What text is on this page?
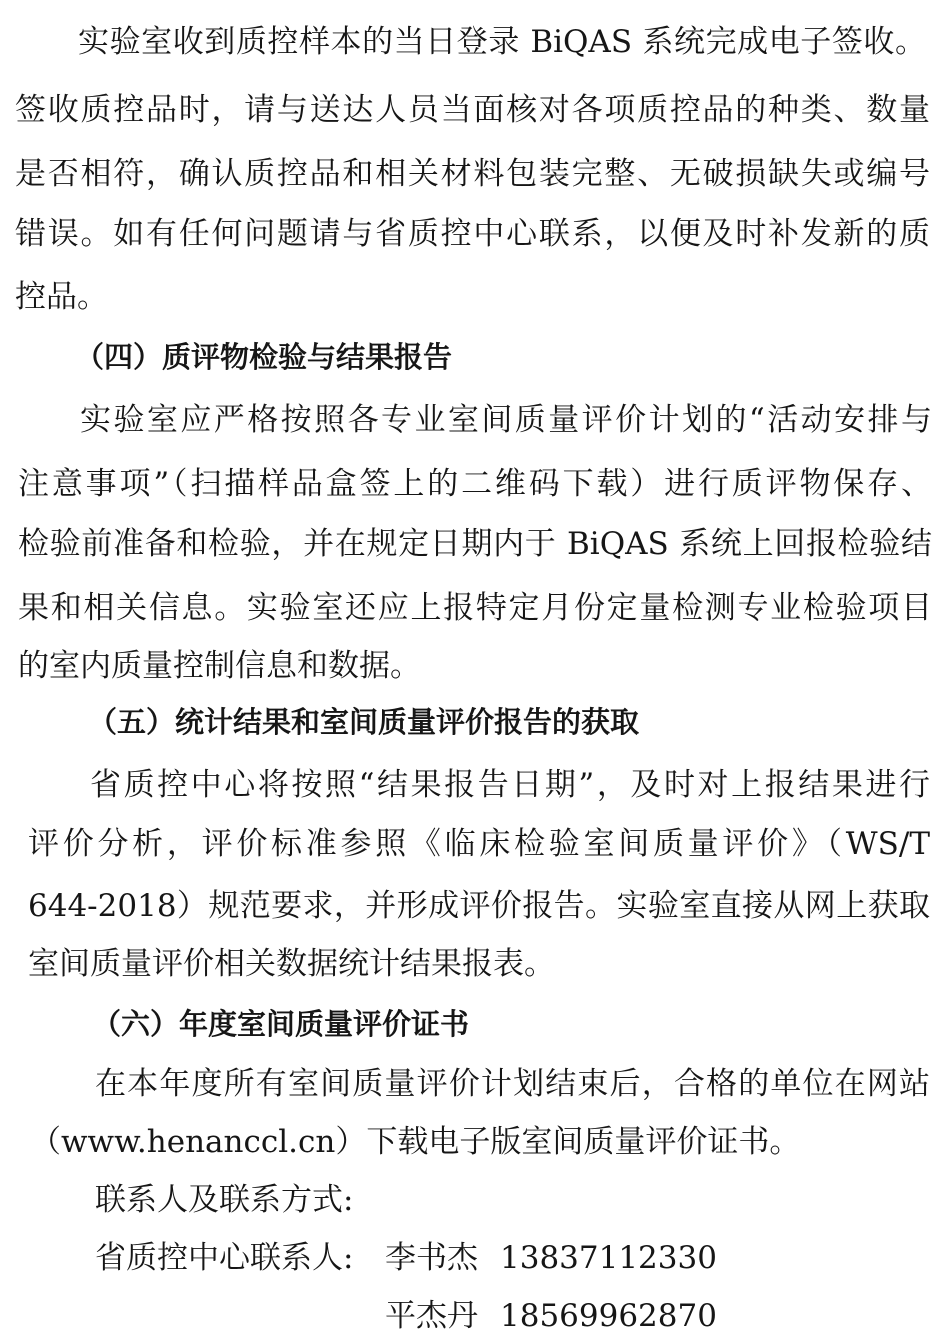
实验室收到质控样本的当日登录 BiQAS 系统完成电子签收。

签收质控品时，请与送达人员当面核对各项质控品的种类、数量

是否相符，确认质控品和相关材料包装完整、无破损缺失或编号

错误。如有任何问题请与省质控中心联系，以便及时补发新的质

控品。

（四）质评物检验与结果报告

实验室应严格按照各专业室间质量评价计划的“活动安排与

注意事项”（扫描样品盒签上的二维码下载）进行质评物保存、

检验前准备和检验，并在规定日期内于 BiQAS 系统上回报检验结

果和相关信息。实验室还应上报特定月份定量检测专业检验项目

的室内质量控制信息和数据。

（五）统计结果和室间质量评价报告的获取

省质控中心将按照“结果报告日期”，及时对上报结果进行

评价分析，评价标准参照《临床检验室间质量评价》（WS/T

644-2018）规范要求，并形成评价报告。实验室直接从网上获取

室间质量评价相关数据统计结果报表。

（六）年度室间质量评价证书

在本年度所有室间质量评价计划结束后，合格的单位在网站

（www.henanccl.cn）下载电子版室间质量评价证书。

联系人及联系方式:

省质控中心联系人: 李书杰 13837112330

平杰丹 18569962870
